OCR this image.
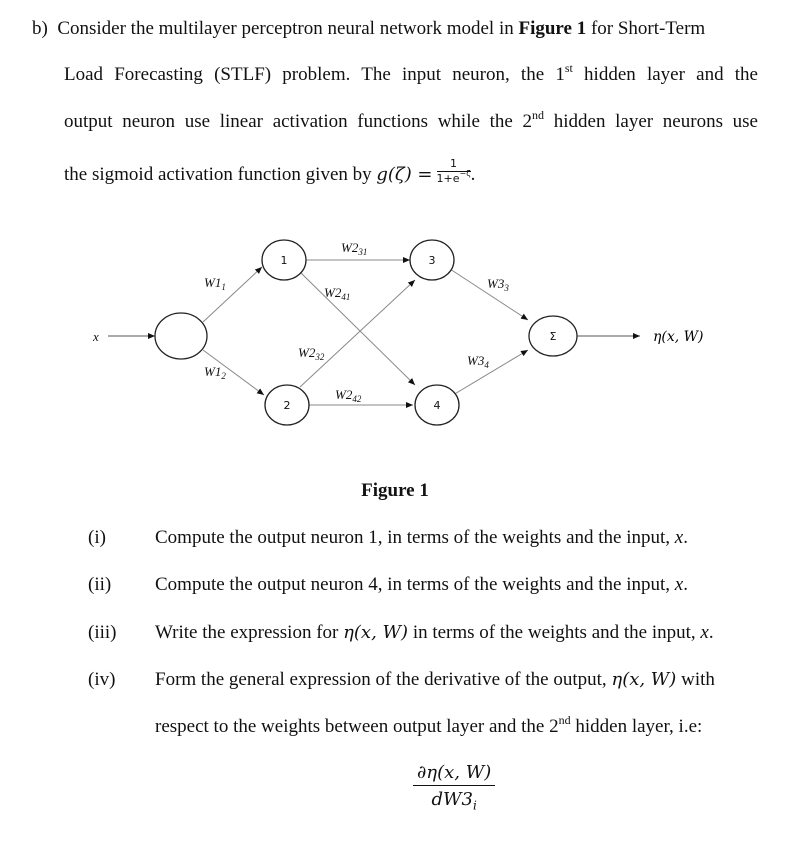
b) Consider the multilayer perceptron neural network model in Figure 1 for Short-Term
Load Forecasting (STLF) problem. The input neuron, the 1st hidden layer and the
output neuron use linear activation functions while the 2nd hidden layer neurons use
the sigmoid activation function given by $g(\zeta) = \frac{1}{1+e^{-\zeta}}$ .
x
1
2
3
4
Σ	η(x, W)
$W1_1$
$W1_2$
$W2_{31}$
$W2_{41}$
$W2_{32}$
$W2_{42}$
$W3_3$
$W3_4$
Figure 1
(i)	Compute the output neuron 1, in terms of the weights and the input, x.
(ii) Compute the output neuron 4, in terms of the weights and the input, x.
(iii) Write the expression for η(x, W) in terms of the weights and the input, x.
(iv) Form the general expression of the derivative of the output, η(x, W) with
respect to the weights between output layer and the 2nd hidden layer, i.e:
$\frac{\partial\eta(x, W)}{dW3_i}$
